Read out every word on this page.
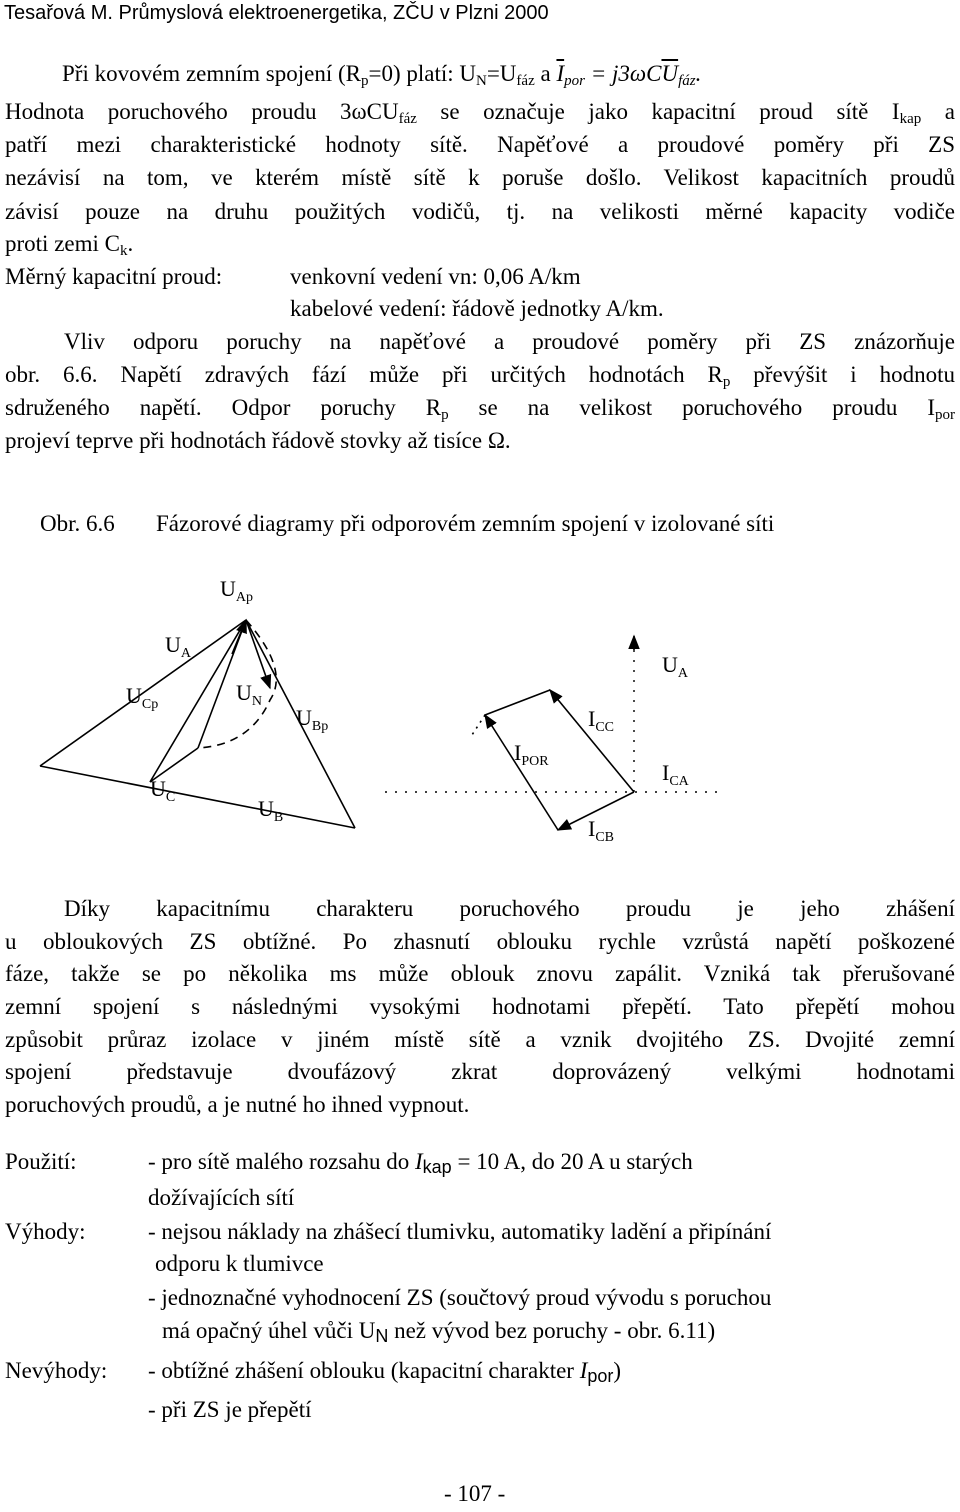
Tesařová M. Průmyslová elektroenergetika, ZČU v Plzni 2000
Při kovovém zemním spojení $(R_p=0)$ platí: $U_N=U_{fáz}$ a $\overline{I}_{por} = j3\omega C\overline{U}_{fáz}$.
Hodnota poruchového proudu 3ωCU$_{fáz}$ se označuje jako kapacitní proud sítě $I_{kap}$ a
patří mezi charakteristické hodnoty sítě. Napěťové a proudové poměry při ZS
nezávisí na tom, ve kterém místě sítě k poruše došlo. Velikost kapacitních proudů
závisí pouze na druhu použitých vodičů, tj. na velikosti měrné kapacity vodiče
proti zemi $C_k$.
Měrný kapacitní proud:	venkovní vedení vn: 0,06 A/km
kabelové vedení: řádově jednotky A/km.
Vliv odporu poruchy na napěťové a proudové poměry při ZS znázorňuje
obr. 6.6. Napětí zdravých fází může při určitých hodnotách $R_p$ převýšit i hodnotu
sdruženého napětí. Odpor poruchy $R_p$ se na velikost poruchového proudu $I_{por}$
projeví teprve při hodnotách řádově stovky až tisíce Ω.
Obr. 6.6 Fázorové diagramy při odporovém zemním spojení v izolované síti
$U_{Ap}$
$U_A$
$U_{Cp}$	$U_N$
$U_{Bp}$
$U_C$	$U_B$
$U_A$
$I_{CC}$
$I_{POR}$	$I_{CA}$
$I_{CB}$
Díky kapacitnímu charakteru poruchového proudu je jeho zhášení
u obloukových ZS obtížné. Po zhasnutí oblouku rychle vzrůstá napětí poškozené
fáze, takže se po několika ms může oblouk znovu zapálit. Vzniká tak přerušované
zemní spojení s následnými vysokými hodnotami přepětí. Tato přepětí mohou
způsobit průraz izolace v jiném místě sítě a vznik dvojitého ZS. Dvojité zemní
spojení představuje dvoufázový zkrat doprovázený velkými hodnotami
poruchových proudů, a je nutné ho ihned vypnout.
Použití:	- pro sítě malého rozsahu do $I_{kap} = 10$ A, do 20 A u starých
dožívajících sítí
Výhody:	- nejsou náklady na zhášecí tlumivku, automatiky ladění a připínání
odporu k tlumivce
- jednoznačné vyhodnocení ZS (součtový proud vývodu s poruchou
má opačný úhel vůči $U_N$ než vývod bez poruchy - obr. 6.11)
Nevýhody: - obtížné zhášení oblouku (kapacitní charakter $I_{por}$)
- při ZS je přepětí
- 107 -
